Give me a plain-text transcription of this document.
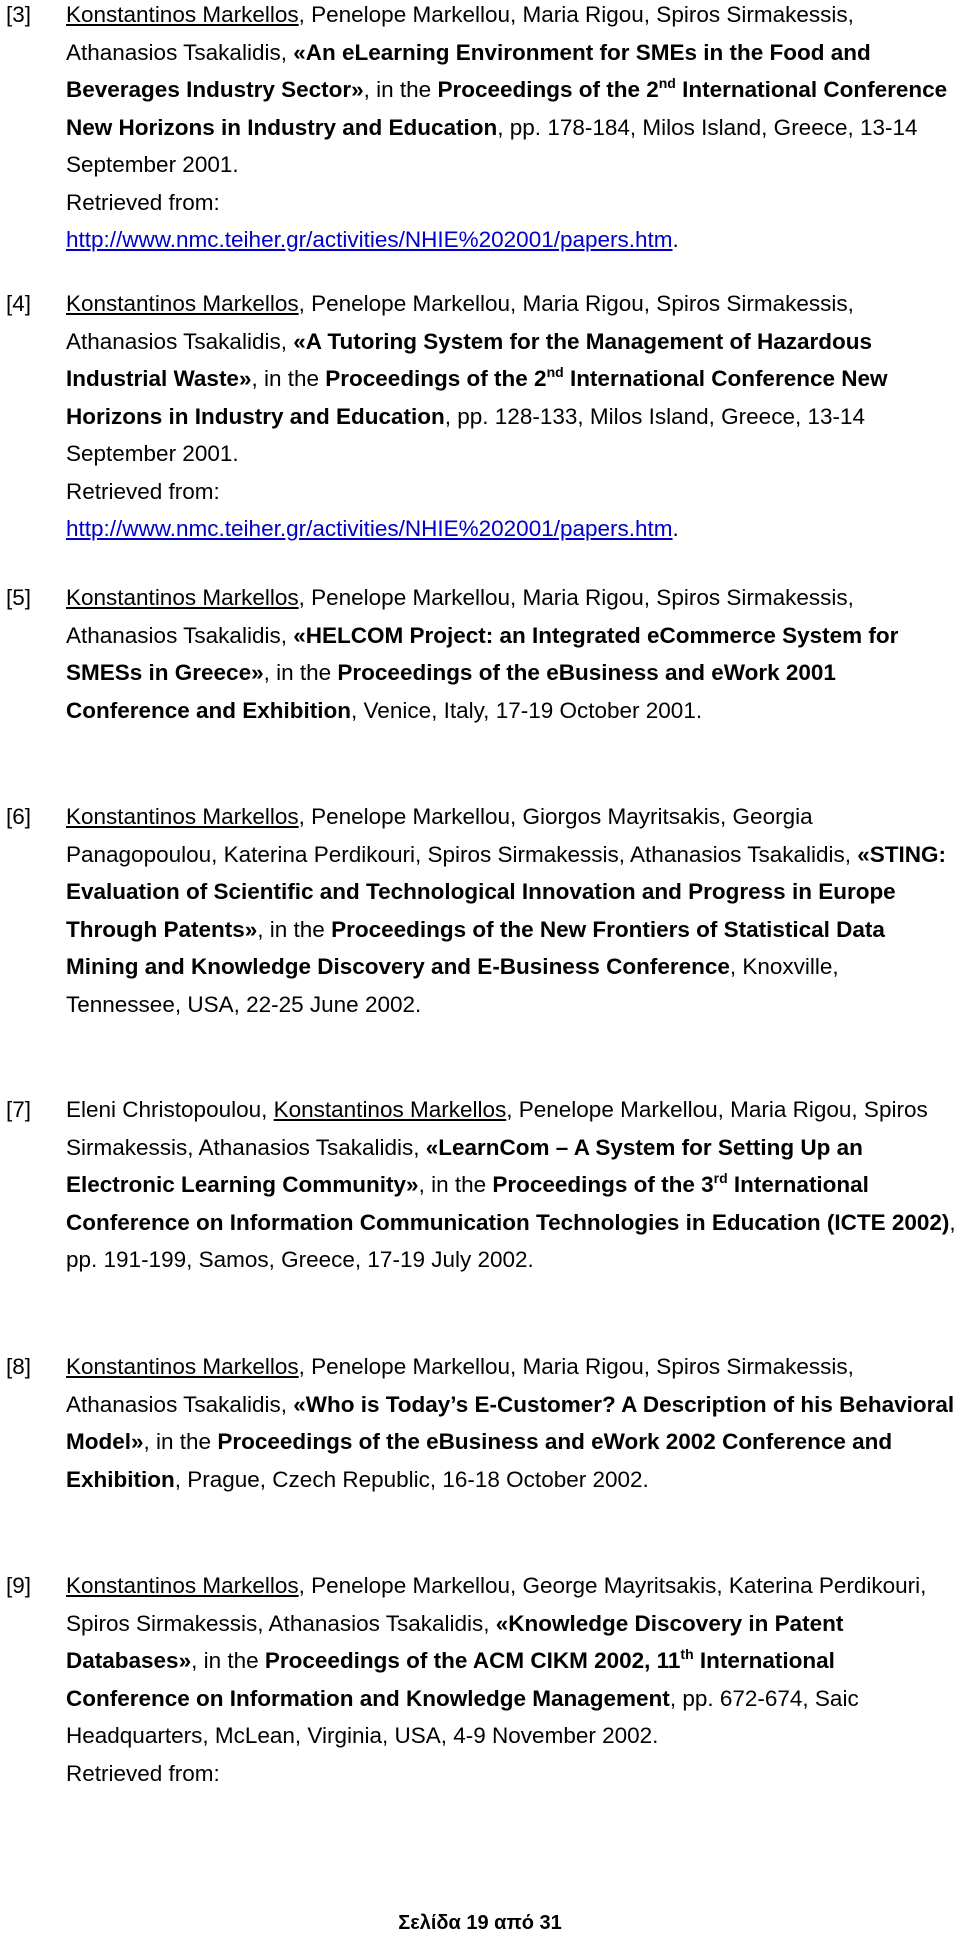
[3] Konstantinos Markellos, Penelope Markellou, Maria Rigou, Spiros Sirmakessis, Athanasios Tsakalidis, «An eLearning Environment for SMEs in the Food and Beverages Industry Sector», in the Proceedings of the 2nd International Conference New Horizons in Industry and Education, pp. 178-184, Milos Island, Greece, 13-14 September 2001.
Retrieved from:
http://www.nmc.teiher.gr/activities/NHIE%202001/papers.htm.
[4] Konstantinos Markellos, Penelope Markellou, Maria Rigou, Spiros Sirmakessis, Athanasios Tsakalidis, «A Tutoring System for the Management of Hazardous Industrial Waste», in the Proceedings of the 2nd International Conference New Horizons in Industry and Education, pp. 128-133, Milos Island, Greece, 13-14 September 2001.
Retrieved from:
http://www.nmc.teiher.gr/activities/NHIE%202001/papers.htm.
[5] Konstantinos Markellos, Penelope Markellou, Maria Rigou, Spiros Sirmakessis, Athanasios Tsakalidis, «HELCOM Project: an Integrated eCommerce System for SMESs in Greece», in the Proceedings of the eBusiness and eWork 2001 Conference and Exhibition, Venice, Italy, 17-19 October 2001.
[6] Konstantinos Markellos, Penelope Markellou, Giorgos Mayritsakis, Georgia Panagopoulou, Katerina Perdikouri, Spiros Sirmakessis, Athanasios Tsakalidis, «STING: Evaluation of Scientific and Technological Innovation and Progress in Europe Through Patents», in the Proceedings of the New Frontiers of Statistical Data Mining and Knowledge Discovery and E-Business Conference, Knoxville, Tennessee, USA, 22-25 June 2002.
[7] Eleni Christopoulou, Konstantinos Markellos, Penelope Markellou, Maria Rigou, Spiros Sirmakessis, Athanasios Tsakalidis, «LearnCom – A System for Setting Up an Electronic Learning Community», in the Proceedings of the 3rd International Conference on Information Communication Technologies in Education (ICTE 2002), pp. 191-199, Samos, Greece, 17-19 July 2002.
[8] Konstantinos Markellos, Penelope Markellou, Maria Rigou, Spiros Sirmakessis, Athanasios Tsakalidis, «Who is Today’s E-Customer? A Description of his Behavioral Model», in the Proceedings of the eBusiness and eWork 2002 Conference and Exhibition, Prague, Czech Republic, 16-18 October 2002.
[9] Konstantinos Markellos, Penelope Markellou, George Mayritsakis, Katerina Perdikouri, Spiros Sirmakessis, Athanasios Tsakalidis, «Knowledge Discovery in Patent Databases», in the Proceedings of the ACM CIKM 2002, 11th International Conference on Information and Knowledge Management, pp. 672-674, Saic Headquarters, McLean, Virginia, USA, 4-9 November 2002.
Retrieved from:
Σελίδα 19 από 31
